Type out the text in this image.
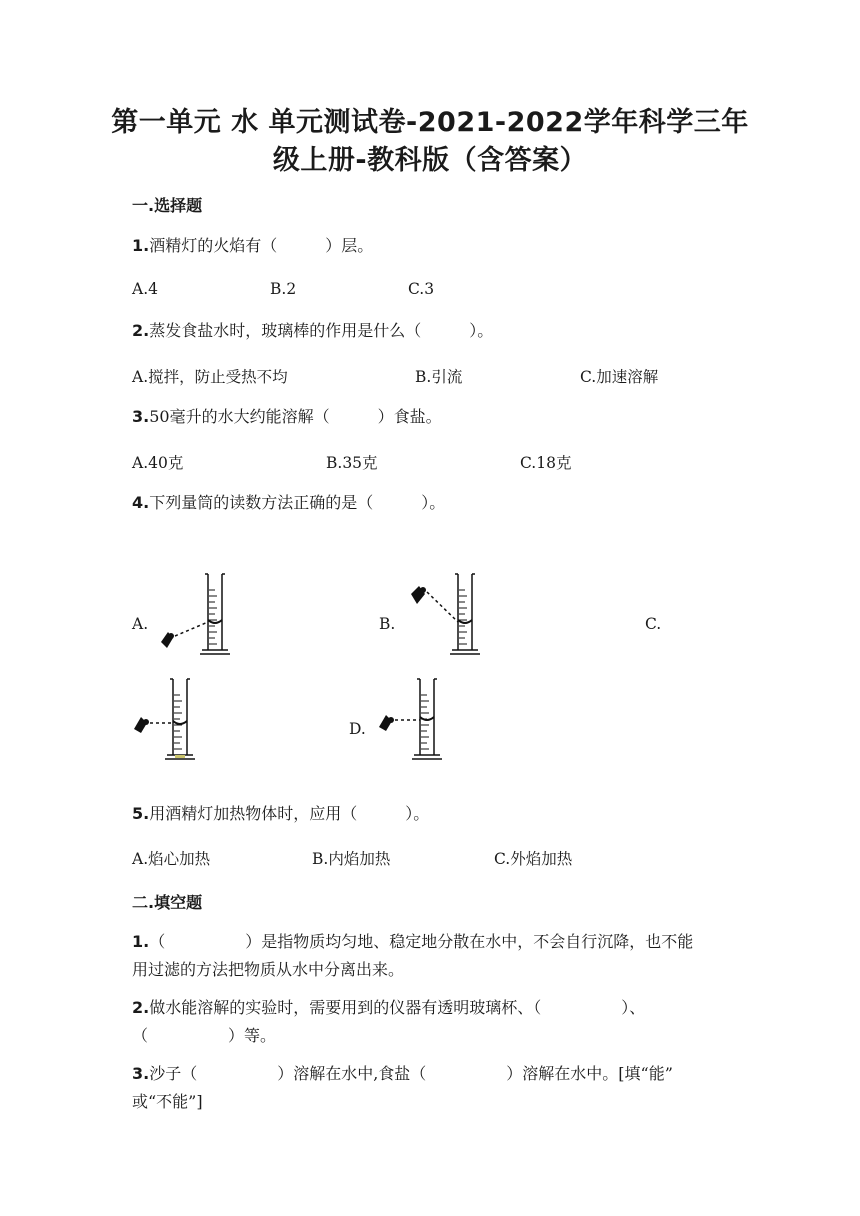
第一单元 水 单元测试卷-2021-2022学年科学三年
级上册-教科版（含答案）
一.选择题
1.酒精灯的火焰有（　　　）层。
A.4	B.2	C.3
2.蒸发食盐水时，玻璃棒的作用是什么（　　　）。
A.搅拌，防止受热不均	B.引流	C.加速溶解
3.50毫升的水大约能溶解（　　　）食盐。
A.40克	B.35克	C.18克
4.下列量筒的读数方法正确的是（　　　）。
A.	B.	C.
D.
5.用酒精灯加热物体时，应用（　　　）。
A.焰心加热	B.内焰加热	C.外焰加热
二.填空题
1.（　　　　　）是指物质均匀地、稳定地分散在水中，不会自行沉降，也不能
用过滤的方法把物质从水中分离出来。
2.做水能溶解的实验时，需要用到的仪器有透明玻璃杯、（　　　　　）、
（　　　　　）等。
3.沙子（　　　　　）溶解在水中,食盐（　　　　　）溶解在水中。[填“能”
或“不能”]
